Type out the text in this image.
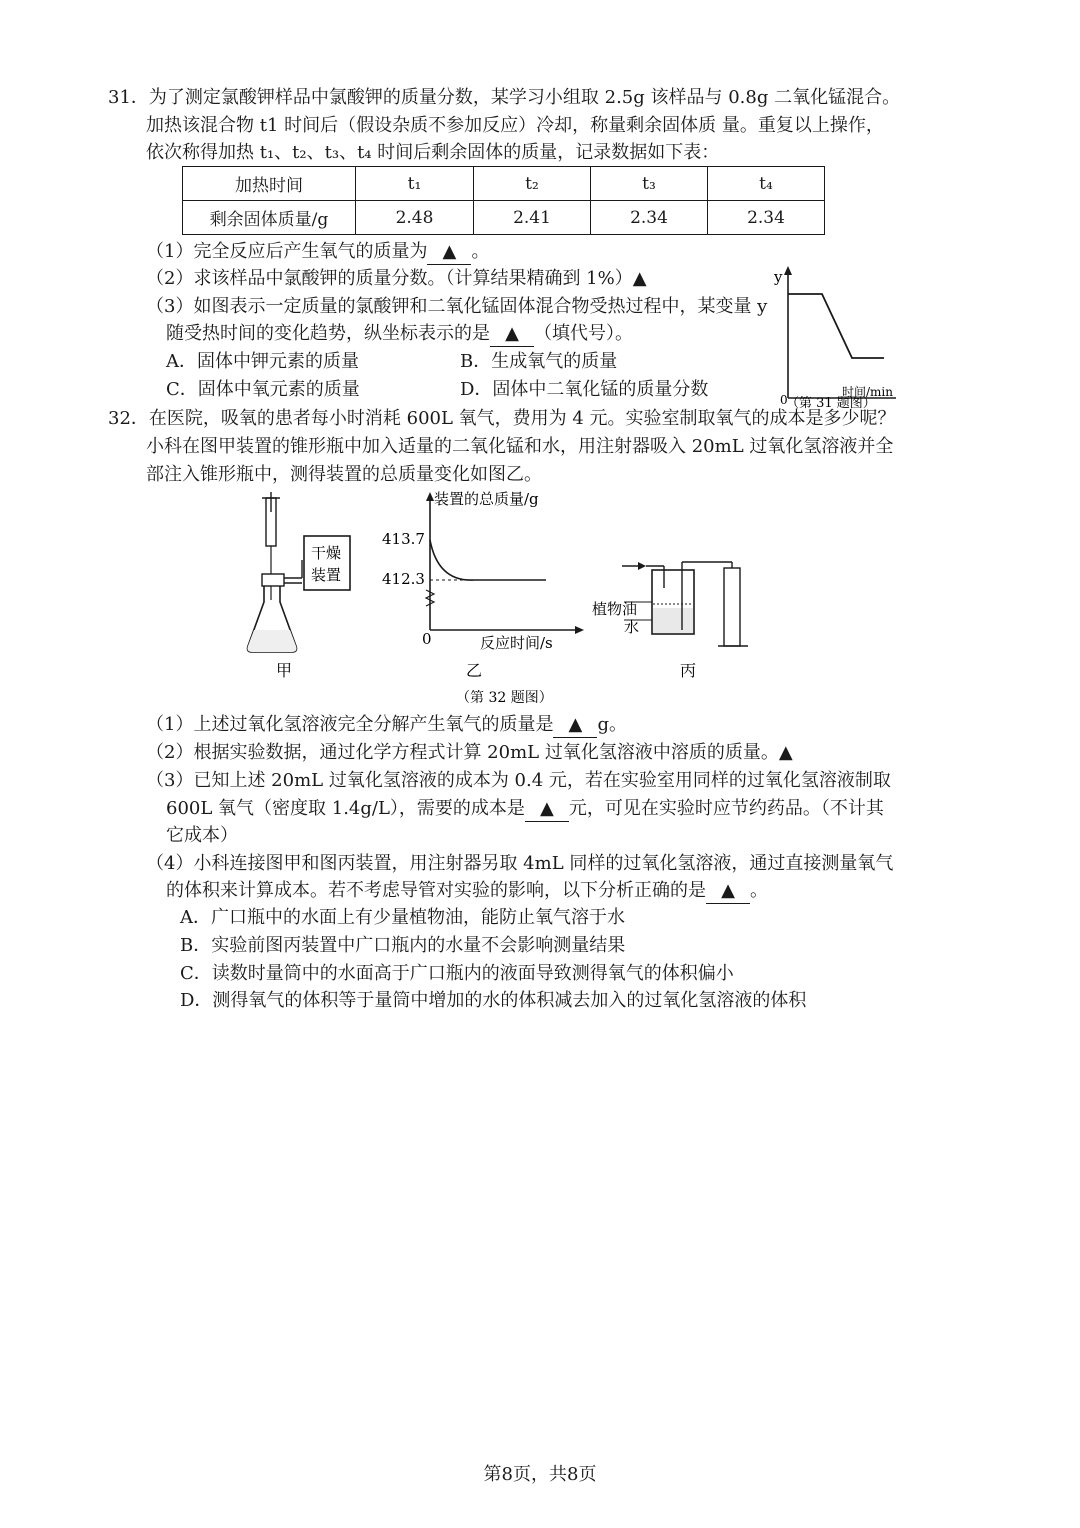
31．为了测定氯酸钾样品中氯酸钾的质量分数，某学习小组取 2.5g 该样品与 0.8g 二氧化锰混合。
加热该混合物 t1 时间后（假设杂质不参加反应）冷却，称量剩余固体质 量。重复以上操作，
依次称得加热 t₁、t₂、t₃、t₄ 时间后剩余固体的质量，记录数据如下表：
加热时间	t₁	t₂	t₃	t₄
剩余固体质量/g	2.48	2.41	2.34	2.34
（1）完全反应后产生氧气的质量为 ▲ 。
（2）求该样品中氯酸钾的质量分数。（计算结果精确到 1%）▲
（3）如图表示一定质量的氯酸钾和二氧化锰固体混合物受热过程中，某变量 y
随受热时间的变化趋势，纵坐标表示的是 ▲ （填代号）。
A．固体中钾元素的质量	B．生成氧气的质量
C．固体中氧元素的质量	D．固体中二氧化锰的质量分数
y
0
时间/min
（第 31 题图）
32．在医院，吸氧的患者每小时消耗 600L 氧气，费用为 4 元。实验室制取氧气的成本是多少呢？
小科在图甲装置的锥形瓶中加入适量的二氧化锰和水，用注射器吸入 20mL 过氧化氢溶液并全
部注入锥形瓶中，测得装置的总质量变化如图乙。
干燥
装置
甲
装置的总质量/g
413.7
412.3
0	反应时间/s
乙
植物油
水
丙
（第 32 题图）
（1）上述过氧化氢溶液完全分解产生氧气的质量是 ▲ g。
（2）根据实验数据，通过化学方程式计算 20mL 过氧化氢溶液中溶质的质量。▲
（3）已知上述 20mL 过氧化氢溶液的成本为 0.4 元，若在实验室用同样的过氧化氢溶液制取
600L 氧气（密度取 1.4g/L），需要的成本是 ▲ 元，可见在实验时应节约药品。（不计其
它成本）
（4）小科连接图甲和图丙装置，用注射器另取 4mL 同样的过氧化氢溶液，通过直接测量氧气
的体积来计算成本。若不考虑导管对实验的影响，以下分析正确的是 ▲ 。
A．广口瓶中的水面上有少量植物油，能防止氧气溶于水
B．实验前图丙装置中广口瓶内的水量不会影响测量结果
C．读数时量筒中的水面高于广口瓶内的液面导致测得氧气的体积偏小
D．测得氧气的体积等于量筒中增加的水的体积减去加入的过氧化氢溶液的体积
第8页，共8页
